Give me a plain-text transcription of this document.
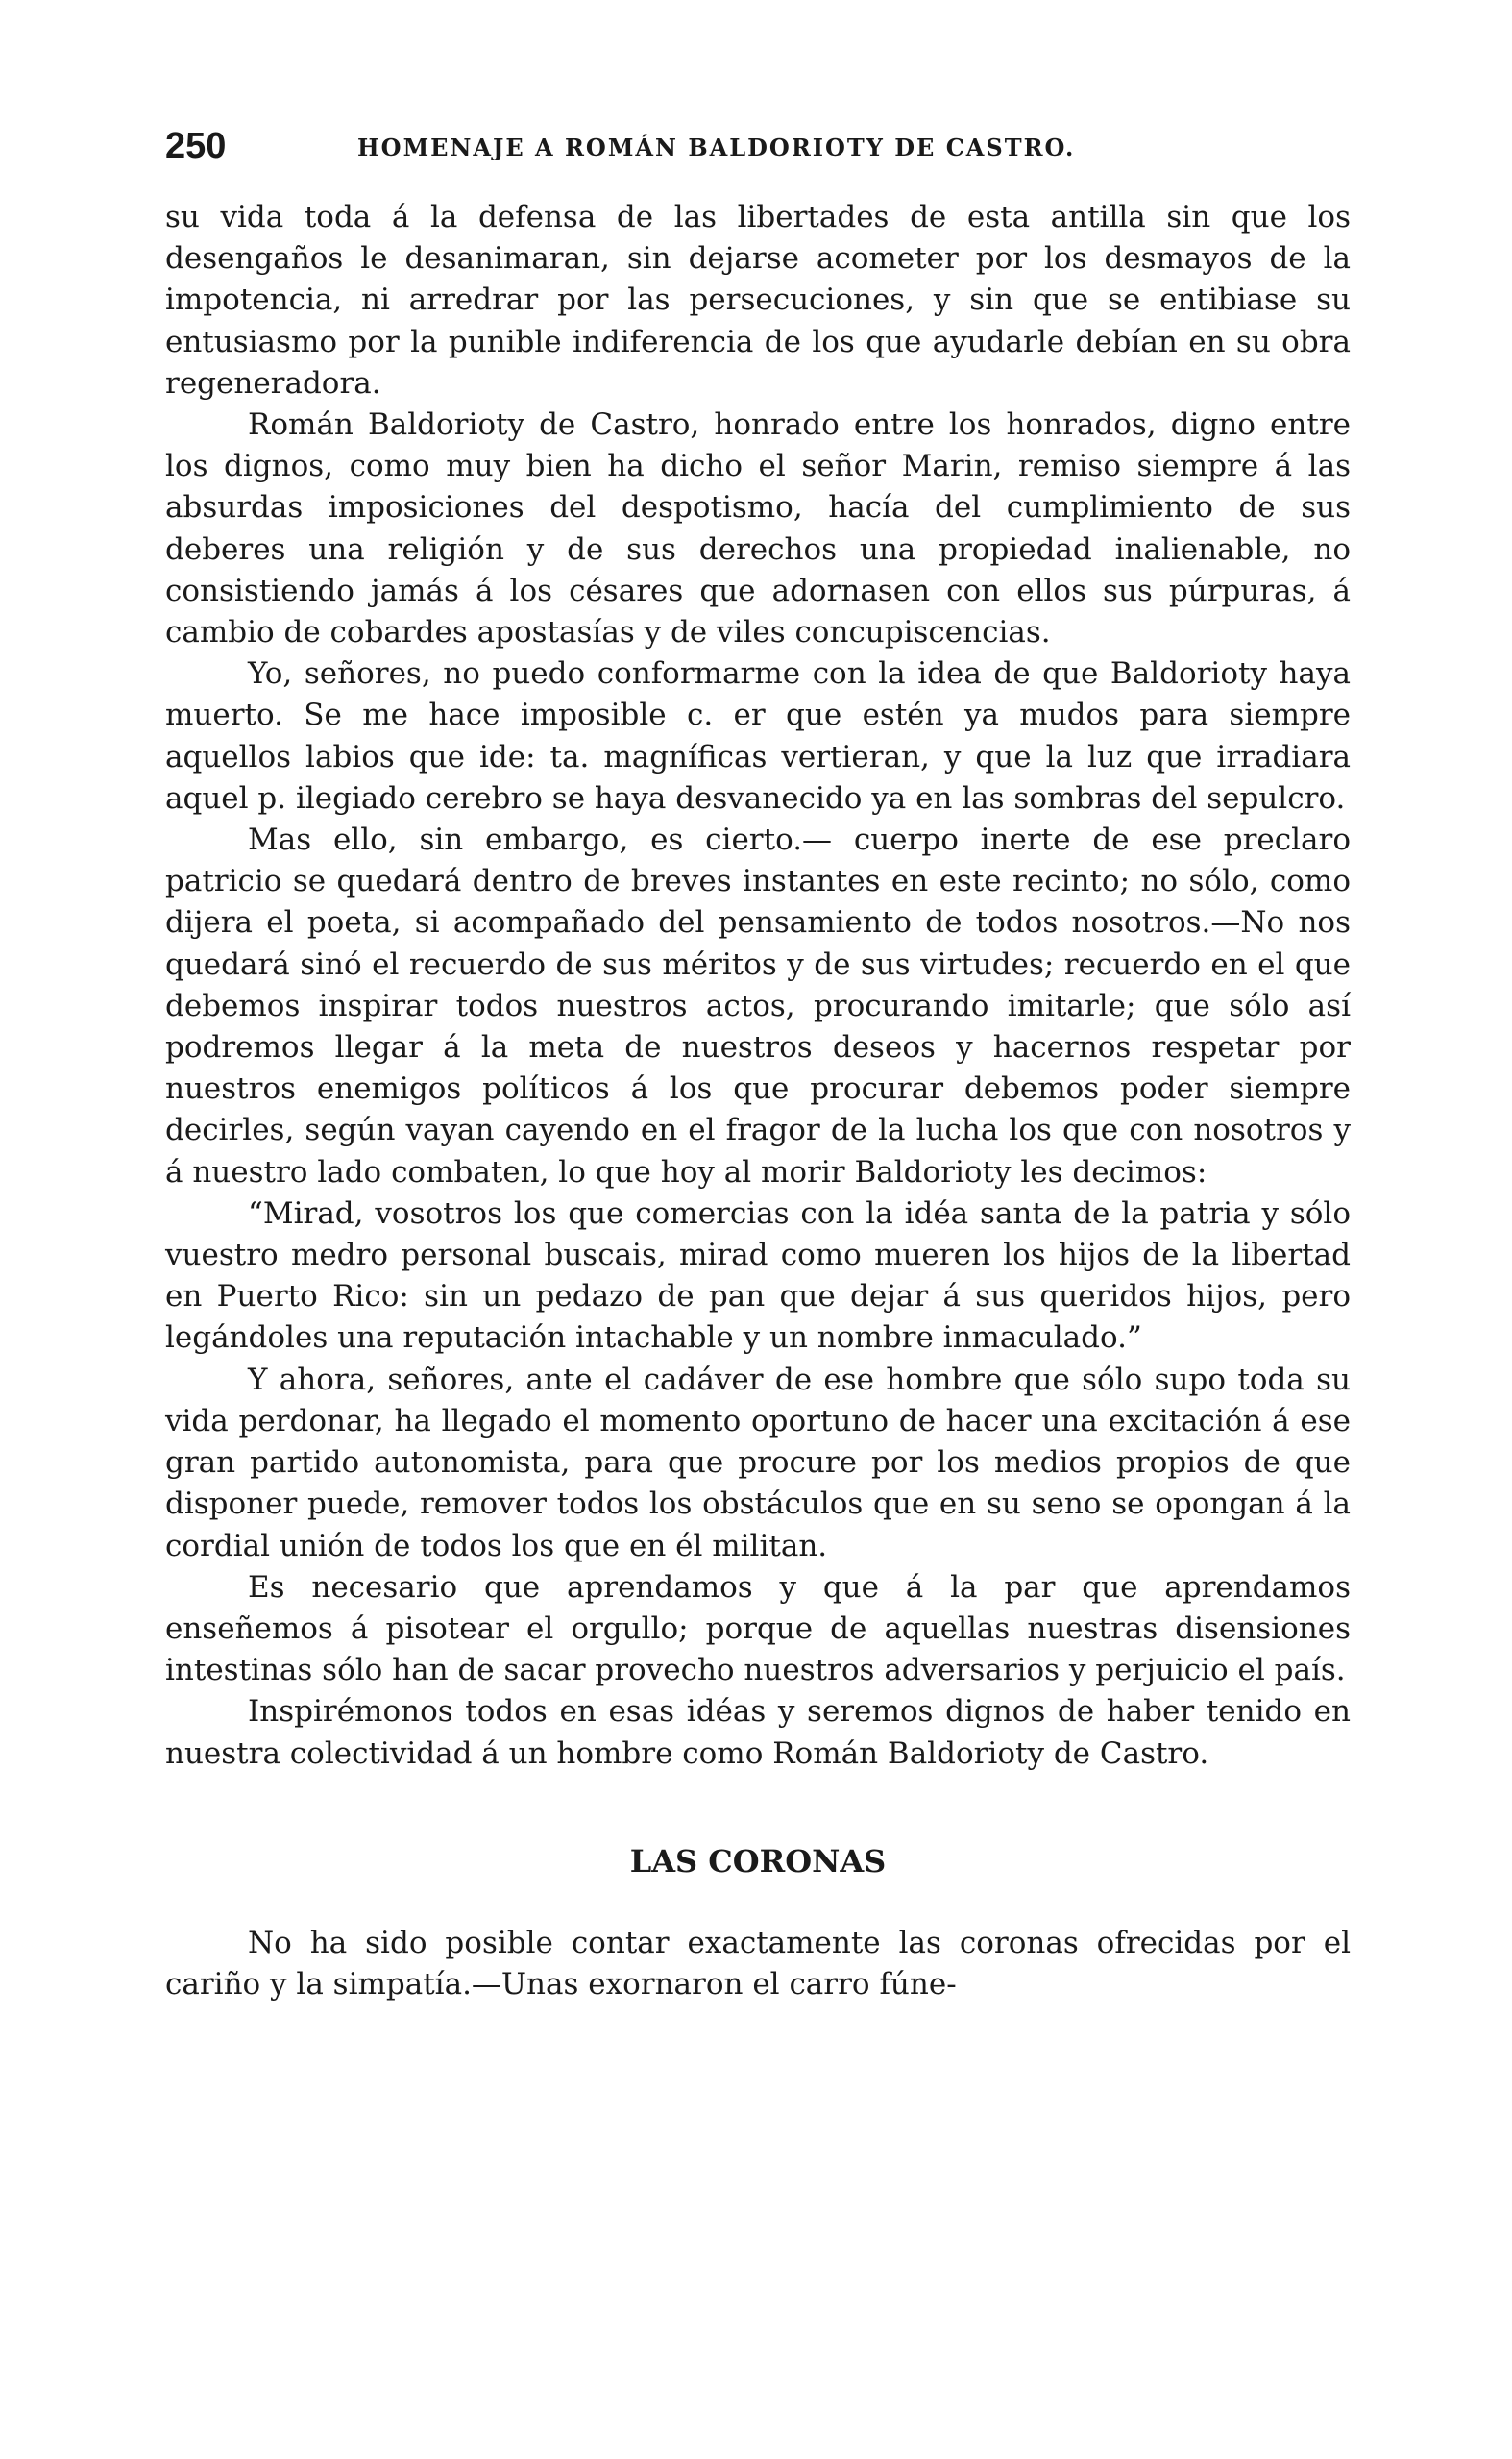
250	HOMENAJE A ROMÁN BALDORIOTY DE CASTRO.

su vida toda á la defensa de las libertades de esta antilla sin que los desengaños le desanimaran, sin dejarse acometer por los desmayos de la impotencia, ni arredrar por las persecuciones, y sin que se entibiase su entusiasmo por la punible indiferencia de los que ayudarle debían en su obra regeneradora.

Román Baldorioty de Castro, honrado entre los honrados, digno entre los dignos, como muy bien ha dicho el señor Marin, remiso siempre á las absurdas imposiciones del despotismo, hacía del cumplimiento de sus deberes una religión y de sus derechos una propiedad inalienable, no consistiendo jamás á los césares que adornasen con ellos sus púrpuras, á cambio de cobardes apostasías y de viles concupiscencias.

Yo, señores, no puedo conformarme con la idea de que Baldorioty haya muerto. Se me hace imposible c. er que estén ya mudos para siempre aquellos labios que ide: ta. magníficas vertieran, y que la luz que irradiara aquel p. ilegiado cerebro se haya desvanecido ya en las sombras del sepulcro.

Mas ello, sin embargo, es cierto.— cuerpo inerte de ese preclaro patricio se quedará dentro de breves instantes en este recinto; no sólo, como dijera el poeta, si acompañado del pensamiento de todos nosotros.—No nos quedará sinó el recuerdo de sus méritos y de sus virtudes; recuerdo en el que debemos inspirar todos nuestros actos, procurando imitarle; que sólo así podremos llegar á la meta de nuestros deseos y hacernos respetar por nuestros enemigos políticos á los que procurar debemos poder siempre decirles, según vayan cayendo en el fragor de la lucha los que con nosotros y á nuestro lado combaten, lo que hoy al morir Baldorioty les decimos:

“Mirad, vosotros los que comercias con la idéa santa de la patria y sólo vuestro medro personal buscais, mirad como mueren los hijos de la libertad en Puerto Rico: sin un pedazo de pan que dejar á sus queridos hijos, pero legándoles una reputación intachable y un nombre inmaculado.”

Y ahora, señores, ante el cadáver de ese hombre que sólo supo toda su vida perdonar, ha llegado el momento oportuno de hacer una excitación á ese gran partido autonomista, para que procure por los medios propios de que disponer puede, remover todos los obstáculos que en su seno se opongan á la cordial unión de todos los que en él militan.

Es necesario que aprendamos y que á la par que aprendamos enseñemos á pisotear el orgullo; porque de aquellas nuestras disensiones intestinas sólo han de sacar provecho nuestros adversarios y perjuicio el país.

Inspirémonos todos en esas idéas y seremos dignos de haber tenido en nuestra colectividad á un hombre como Román Baldorioty de Castro.

LAS CORONAS

No ha sido posible contar exactamente las coronas ofrecidas por el cariño y la simpatía.—Unas exornaron el carro fúne-
